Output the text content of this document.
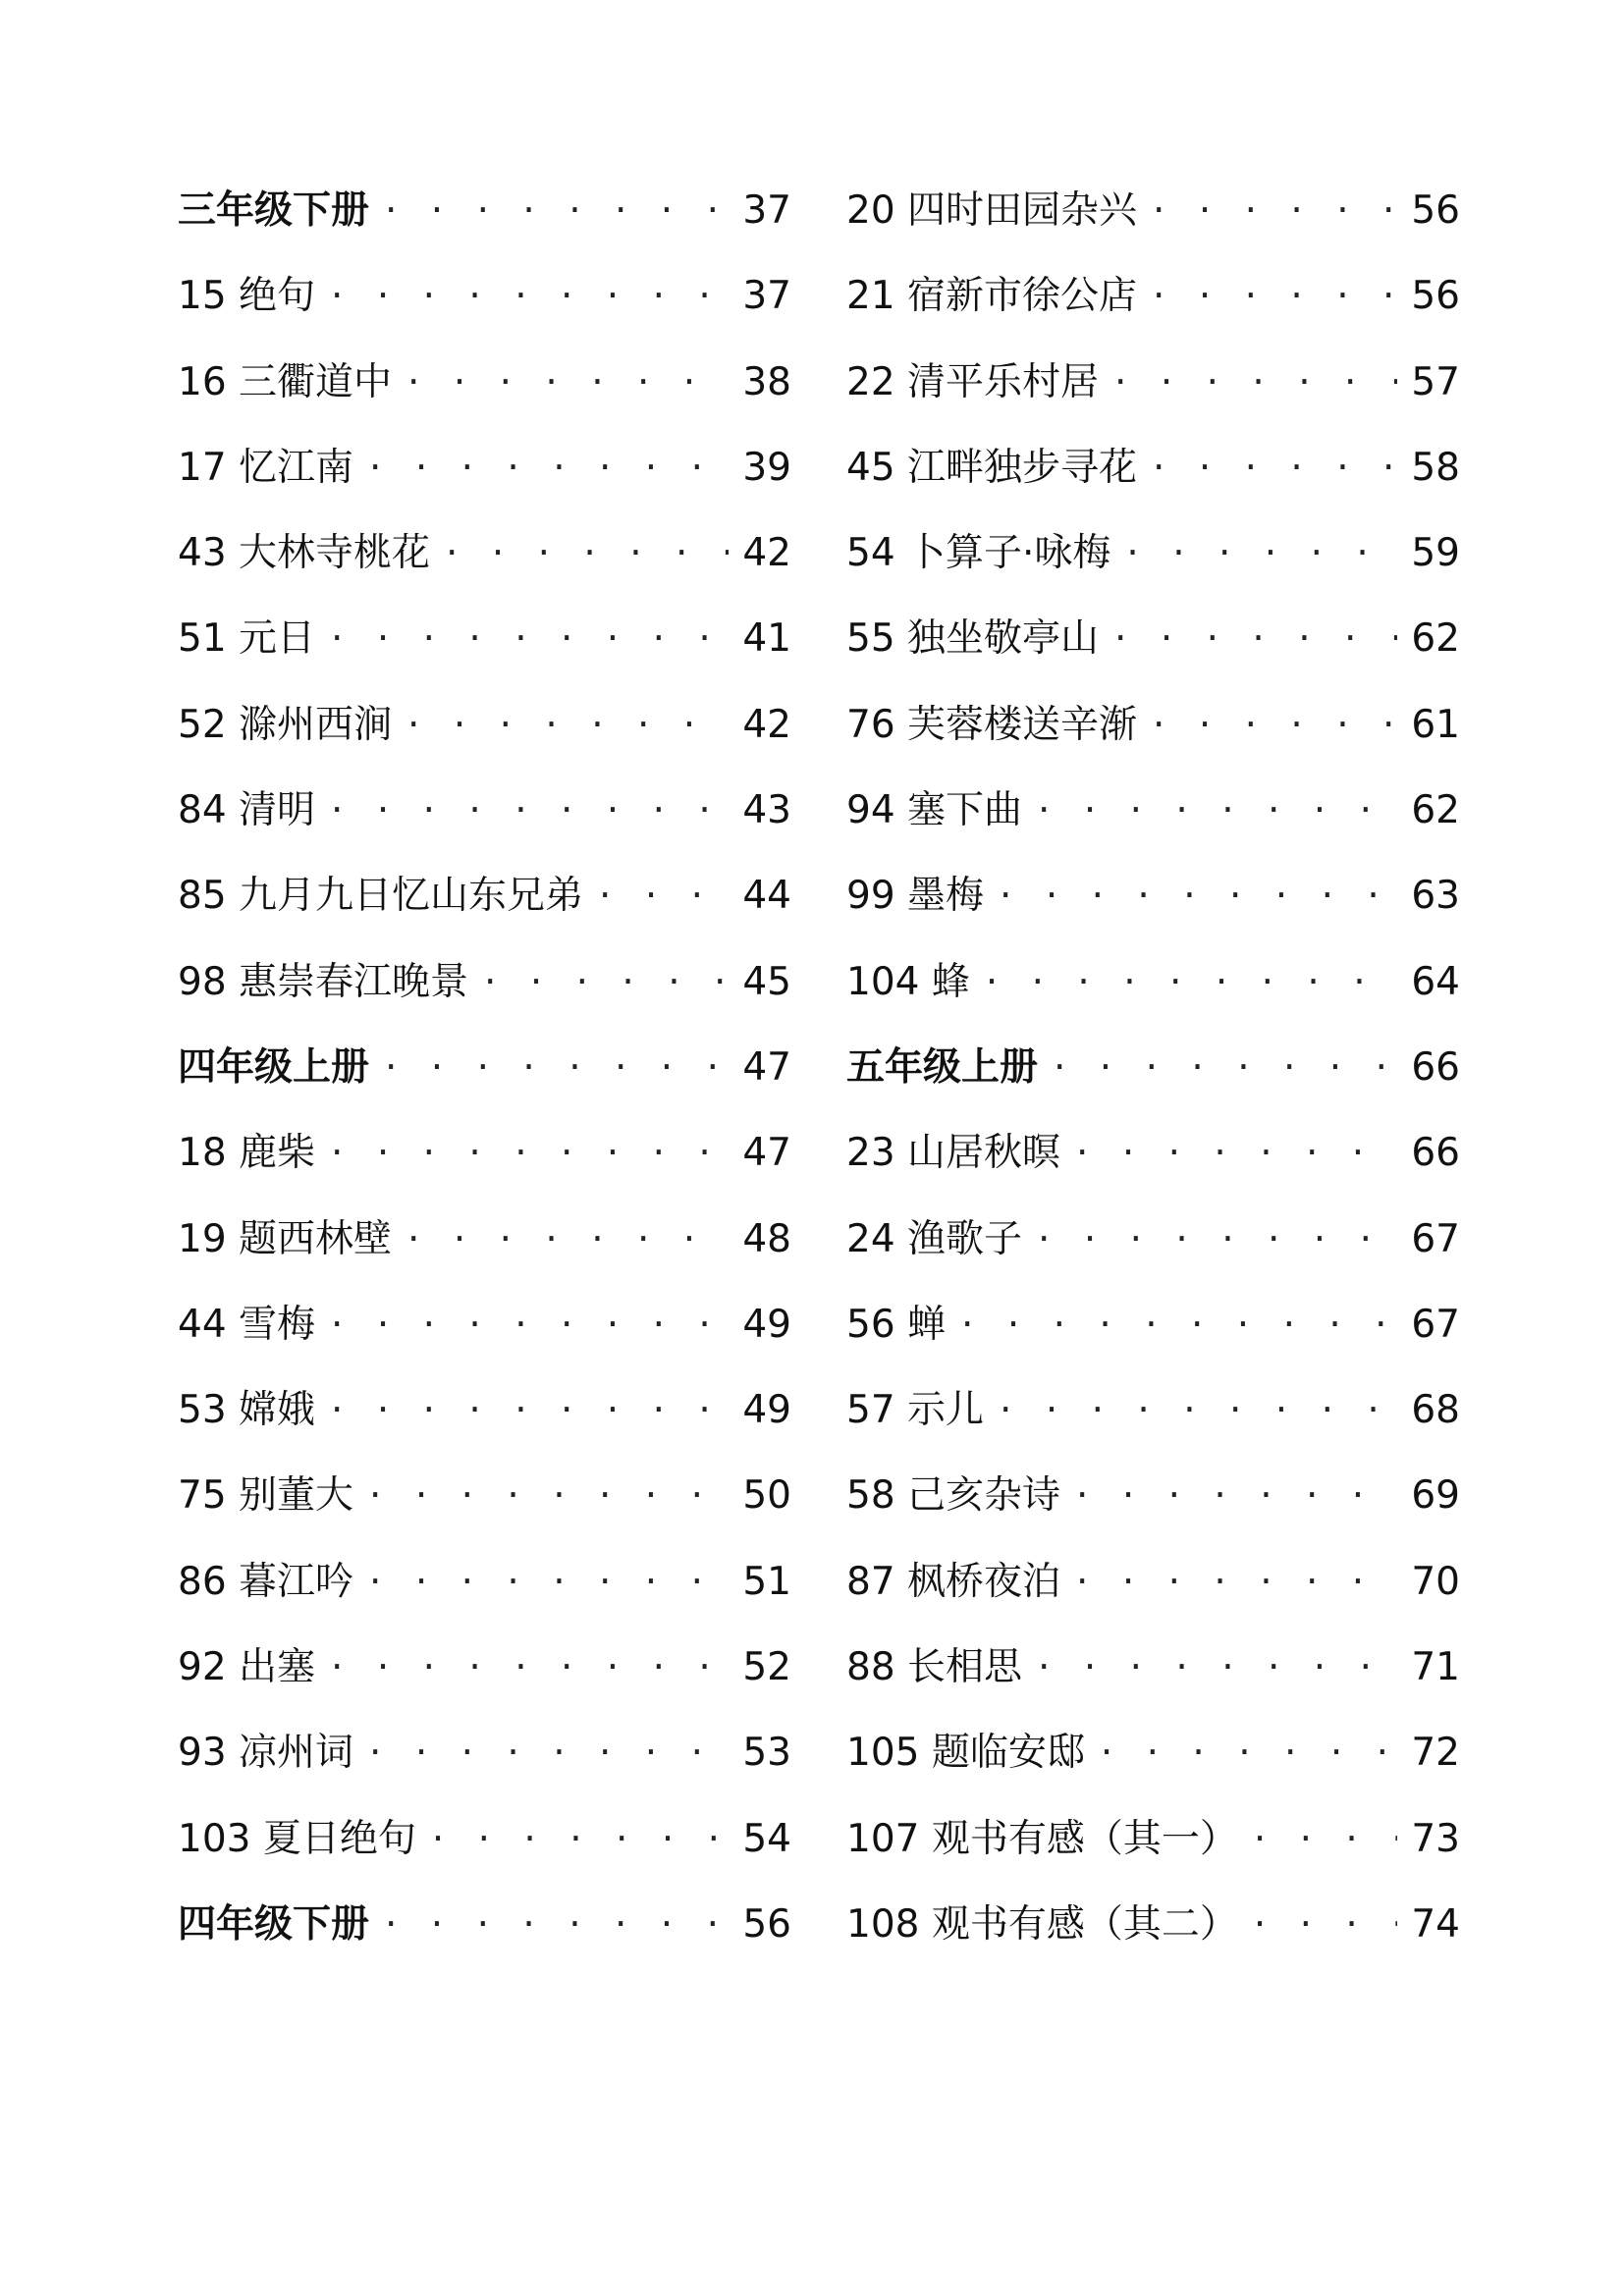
三年级下册 · · ·	37
15 绝句 · · ·	37
16 三衢道中 · · ·	38
17 忆江南 · · ·	39
43 大林寺桃花 · · ·	42
51 元日 · · ·	41
52 滁州西涧 · · ·	42
84 清明 · · ·	43
85 九月九日忆山东兄弟 · · ·	44
98 惠崇春江晚景 · · ·	45
四年级上册 · · ·	47
18 鹿柴 · · ·	47
19 题西林壁 · · ·	48
44 雪梅 · · ·	49
53 嫦娥 · · ·	49
75 别董大 · · ·	50
86 暮江吟 · · ·	51
92 出塞 · · ·	52
93 凉州词 · · ·	53
103 夏日绝句 · · ·	54
四年级下册 · · ·	56
20 四时田园杂兴 · · ·	56
21 宿新市徐公店 · · ·	56
22 清平乐村居 · · ·	57
45 江畔独步寻花 · · ·	58
54 卜算子·咏梅 · · ·	59
55 独坐敬亭山 · · ·	62
76 芙蓉楼送辛渐 · · ·	61
94 塞下曲 · · ·	62
99 墨梅 · · ·	63
104 蜂 · · ·	64
五年级上册 · · ·	66
23 山居秋暝 · · ·	66
24 渔歌子 · · ·	67
56 蝉 · · ·	67
57 示儿 · · ·	68
58 己亥杂诗 · · ·	69
87 枫桥夜泊 · · ·	70
88 长相思 · · ·	71
105 题临安邸 · · ·	72
107 观书有感（其一） · · ·	73
108 观书有感（其二） · · ·	74
